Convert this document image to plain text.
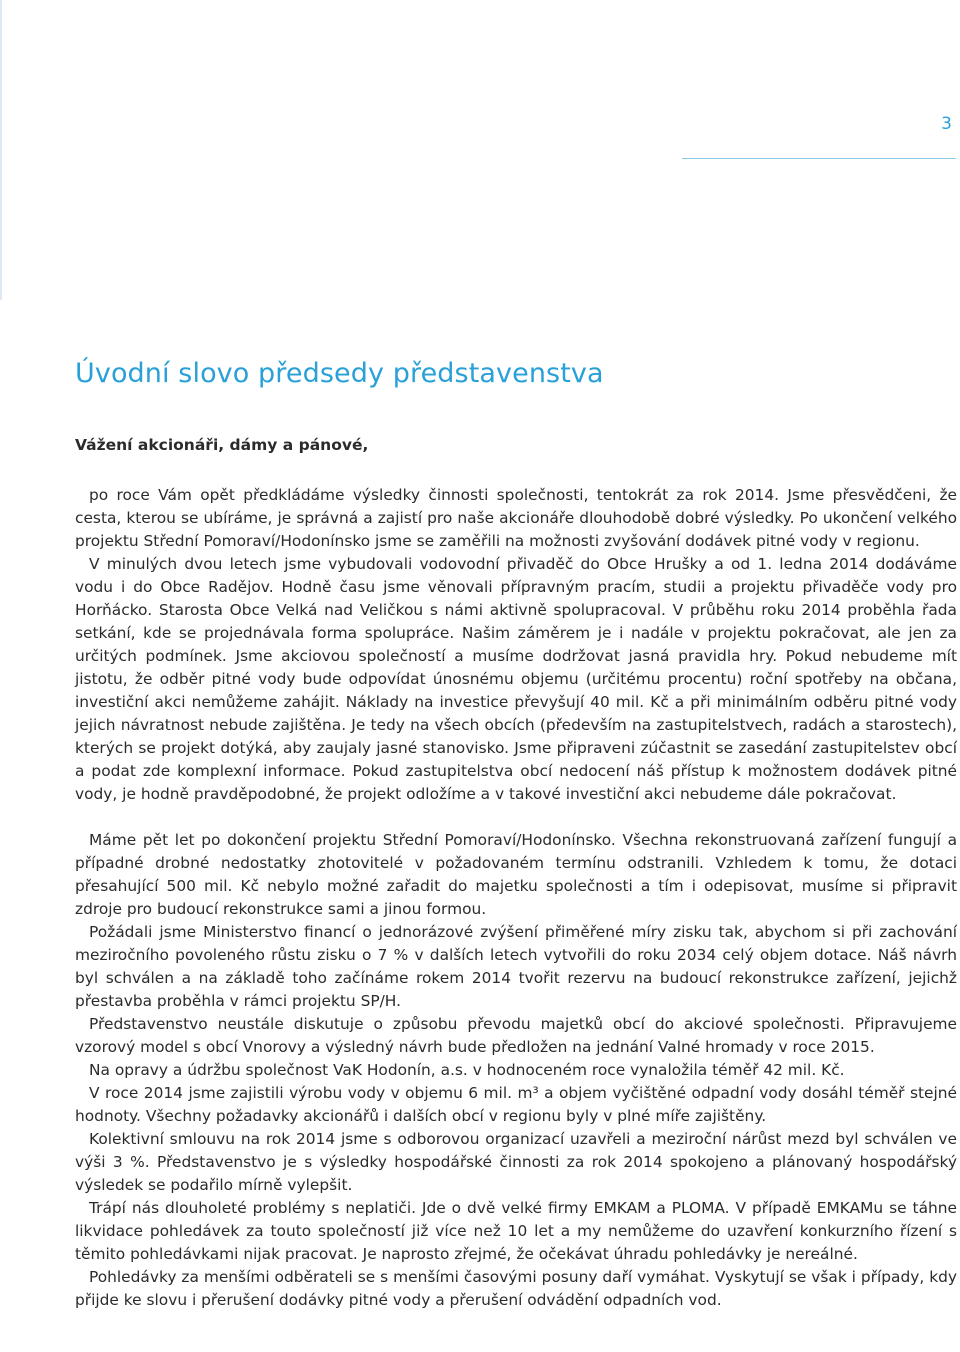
3
Úvodní slovo předsedy představenstva
Vážení akcionáři, dámy a pánové,

po roce Vám opět předkládáme výsledky činnosti společnosti, tentokrát za rok 2014. Jsme přesvědčeni, že cesta, kterou se ubíráme, je správná a zajistí pro naše akcionáře dlouhodobě dobré výsledky. Po ukončení velkého projektu Střední Pomoraví/Hodonínsko jsme se zaměřili na možnosti zvyšování dodávek pitné vody v regionu.

V minulých dvou letech jsme vybudovali vodovodní přivaděč do Obce Hrušky a od 1. ledna 2014 dodáváme vodu i do Obce Radějov. Hodně času jsme věnovali přípravným pracím, studii a projektu přivaděče vody pro Horňácko. Starosta Obce Velká nad Veličkou s námi aktivně spolupracoval. V průběhu roku 2014 proběhla řada setkání, kde se projednávala forma spolupráce. Našim záměrem je i nadále v projektu pokračovat, ale jen za určitých podmínek. Jsme akciovou společností a musíme dodržovat jasná pravidla hry. Pokud nebudeme mít jistotu, že odběr pitné vody bude odpovídat únosnému objemu (určitému procentu) roční spotřeby na občana, investiční akci nemůžeme zahájit. Náklady na investice převyšují 40 mil. Kč a při minimálním odběru pitné vody jejich návratnost nebude zajištěna. Je tedy na všech obcích (především na zastupitelstvech, radách a starostech), kterých se projekt dotýká, aby zaujaly jasné stanovisko. Jsme připraveni zúčastnit se zasedání zastupitelstev obcí a podat zde komplexní informace. Pokud zastupitelstva obcí nedocení náš přístup k možnostem dodávek pitné vody, je hodně pravděpodobné, že projekt odložíme a v takové investiční akci nebudeme dále pokračovat.

Máme pět let po dokončení projektu Střední Pomoraví/Hodonínsko. Všechna rekonstruovaná zařízení fungují a případné drobné nedostatky zhotovitelé v požadovaném termínu odstranili. Vzhledem k tomu, že dotaci přesahující 500 mil. Kč nebylo možné zařadit do majetku společnosti a tím i odepisovat, musíme si připravit zdroje pro budoucí rekonstrukce sami a jinou formou.

Požádali jsme Ministerstvo financí o jednorázové zvýšení přiměřené míry zisku tak, abychom si při zachování meziročního povoleného růstu zisku o 7 % v dalších letech vytvořili do roku 2034 celý objem dotace. Náš návrh byl schválen a na základě toho začínáme rokem 2014 tvořit rezervu na budoucí rekonstrukce zařízení, jejichž přestavba proběhla v rámci projektu SP/H.

Představenstvo neustále diskutuje o způsobu převodu majetků obcí do akciové společnosti. Připravujeme vzorový model s obcí Vnorovy a výsledný návrh bude předložen na jednání Valné hromady v roce 2015.

Na opravy a údržbu společnost VaK Hodonín, a.s. v hodnoceném roce vynaložila téměř 42 mil. Kč.

V roce 2014 jsme zajistili výrobu vody v objemu 6 mil. m³ a objem vyčištěné odpadní vody dosáhl téměř stejné hodnoty. Všechny požadavky akcionářů i dalších obcí v regionu byly v plné míře zajištěny.

Kolektivní smlouvu na rok 2014 jsme s odborovou organizací uzavřeli a meziroční nárůst mezd byl schválen ve výši 3 %. Představenstvo je s výsledky hospodářské činnosti za rok 2014 spokojeno a plánovaný hospodářský výsledek se podařilo mírně vylepšit.

Trápí nás dlouholeté problémy s neplatiči. Jde o dvě velké firmy EMKAM a PLOMA. V případě EMKAMu se táhne likvidace pohledávek za touto společností již více než 10 let a my nemůžeme do uzavření konkurzního řízení s těmito pohledávkami nijak pracovat. Je naprosto zřejmé, že očekávat úhradu pohledávky je nereálné.

Pohledávky za menšími odběrateli se s menšími časovými posuny daří vymáhat. Vyskytují se však i případy, kdy přijde ke slovu i přerušení dodávky pitné vody a přerušení odvádění odpadních vod.
